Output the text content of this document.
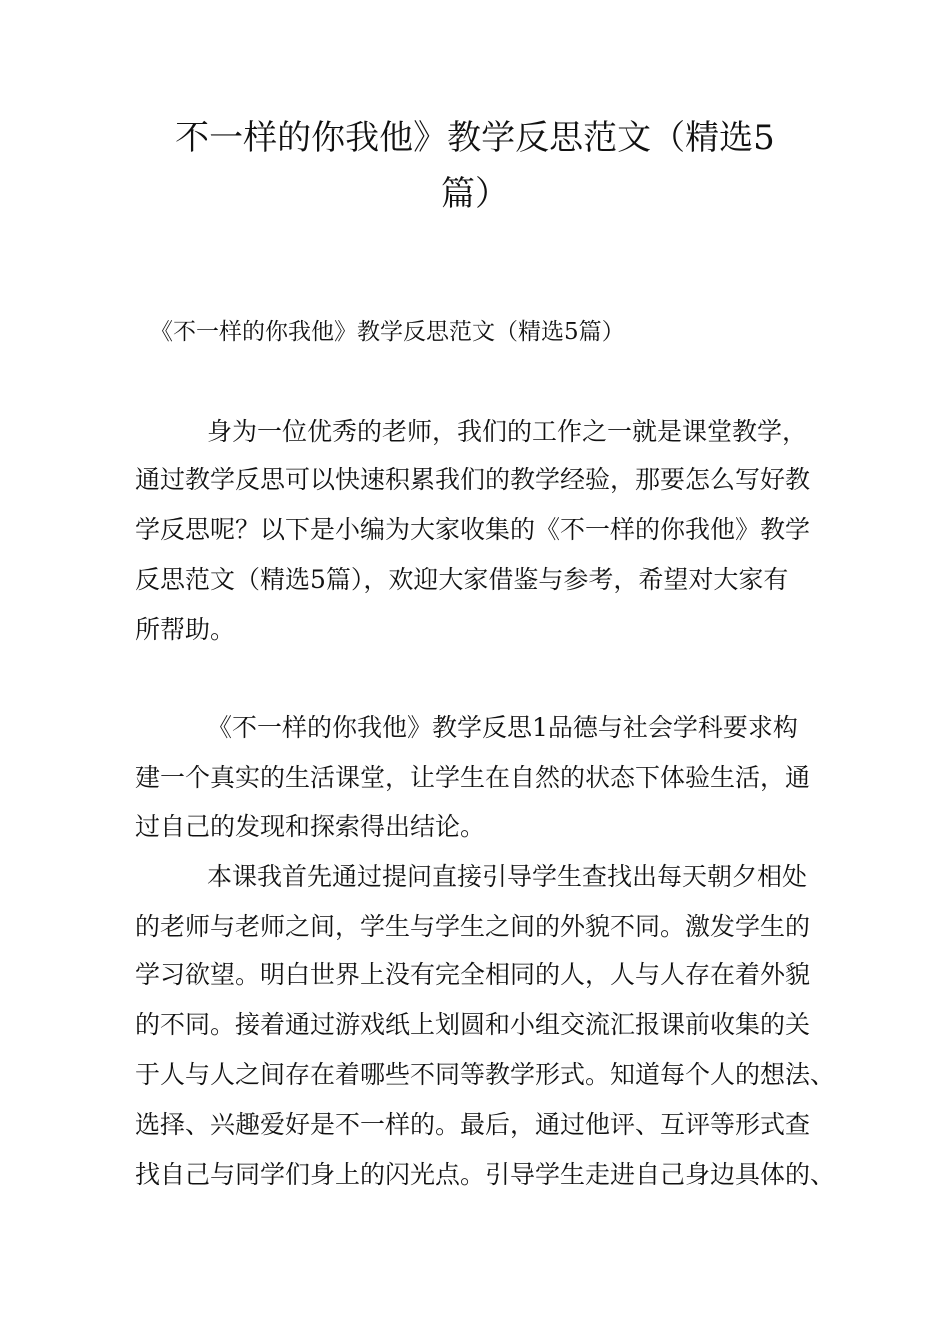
不一样的你我他》教学反思范文（精选5
篇）
《不一样的你我他》教学反思范文（精选5篇）
身为一位优秀的老师，我们的工作之一就是课堂教学，
通过教学反思可以快速积累我们的教学经验，那要怎么写好教
学反思呢？以下是小编为大家收集的《不一样的你我他》教学
反思范文（精选5篇），欢迎大家借鉴与参考，希望对大家有
所帮助。
《不一样的你我他》教学反思1品德与社会学科要求构
建一个真实的生活课堂，让学生在自然的状态下体验生活，通
过自己的发现和探索得出结论。
本课我首先通过提问直接引导学生查找出每天朝夕相处
的老师与老师之间，学生与学生之间的外貌不同。激发学生的
学习欲望。明白世界上没有完全相同的人，人与人存在着外貌
的不同。接着通过游戏纸上划圆和小组交流汇报课前收集的关
于人与人之间存在着哪些不同等教学形式。知道每个人的想法、
选择、兴趣爱好是不一样的。最后，通过他评、互评等形式查
找自己与同学们身上的闪光点。引导学生走进自己身边具体的、
